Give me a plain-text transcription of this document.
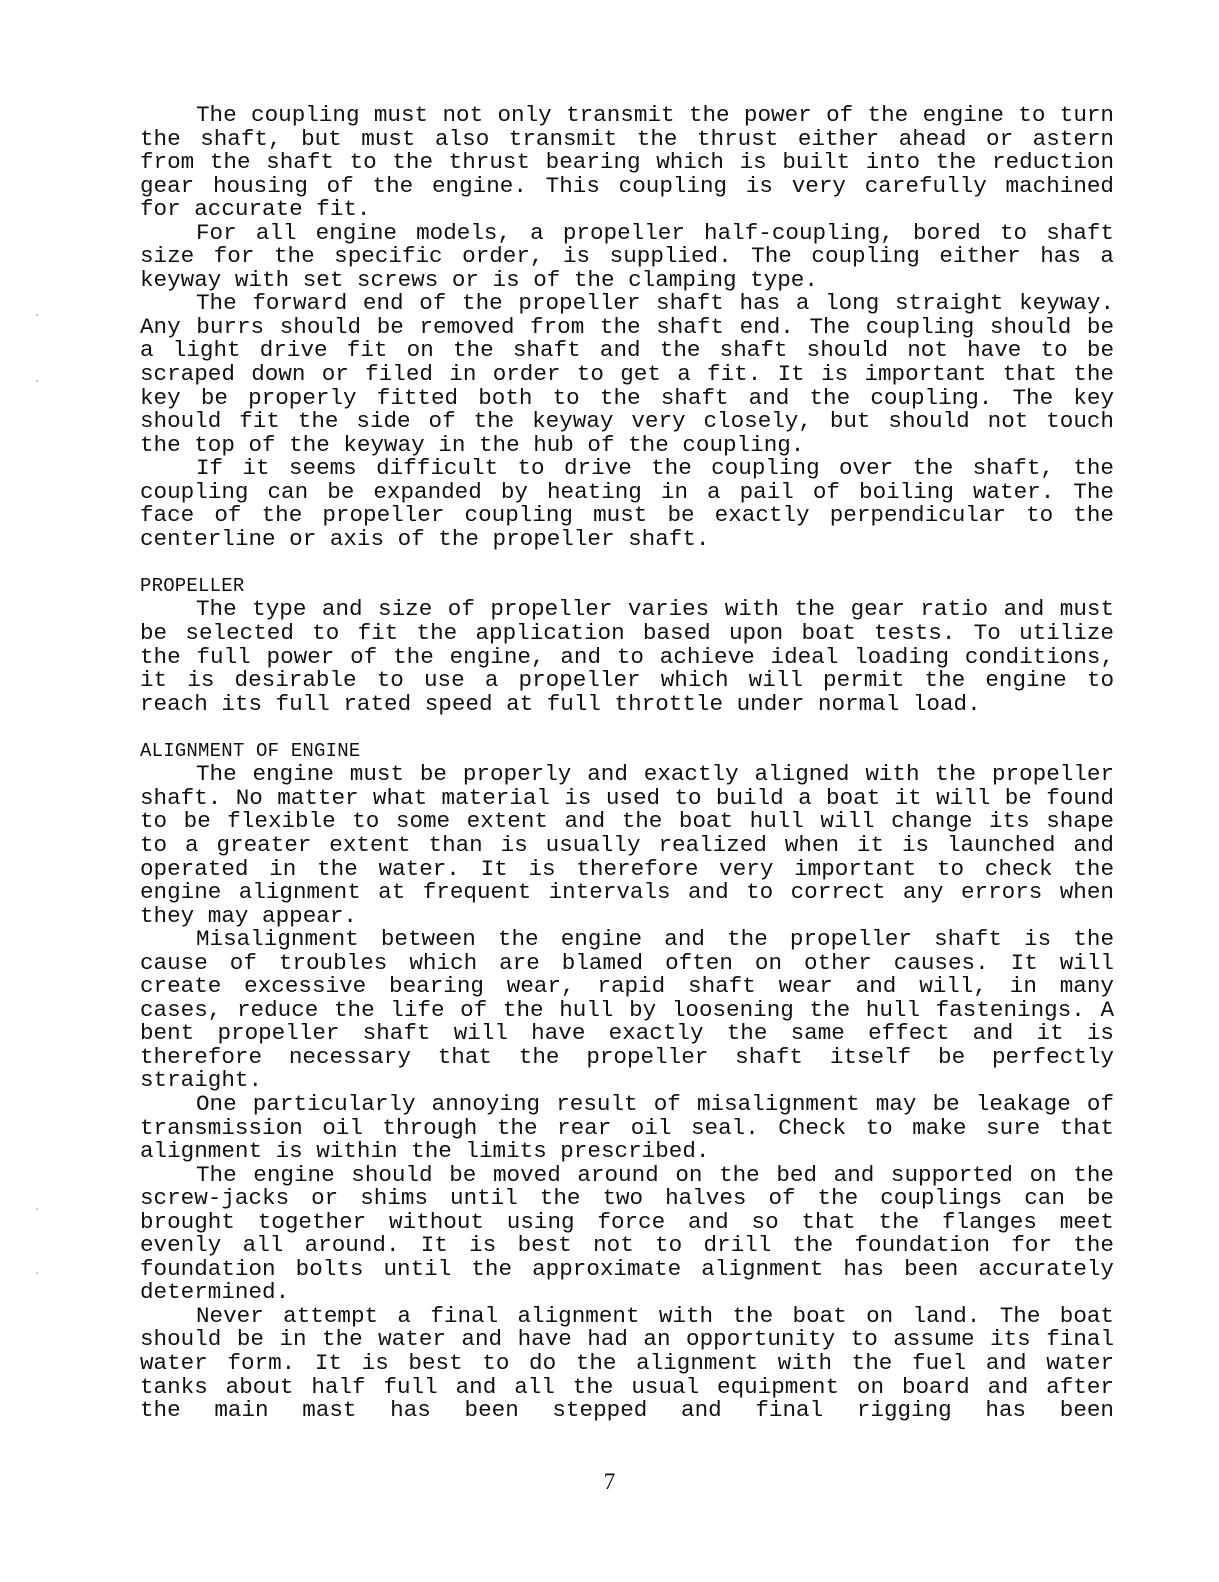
The coupling must not only transmit the power of the engine to turn the shaft, but must also transmit the thrust either ahead or astern from the shaft to the thrust bearing which is built into the reduction gear housing of the engine. This coupling is very carefully machined for accurate fit.

For all engine models, a propeller half-coupling, bored to shaft size for the specific order, is supplied. The coupling either has a keyway with set screws or is of the clamping type.

The forward end of the propeller shaft has a long straight keyway. Any burrs should be removed from the shaft end. The coupling should be a light drive fit on the shaft and the shaft should not have to be scraped down or filed in order to get a fit. It is important that the key be properly fitted both to the shaft and the coupling. The key should fit the side of the keyway very closely, but should not touch the top of the keyway in the hub of the coupling.

If it seems difficult to drive the coupling over the shaft, the coupling can be expanded by heating in a pail of boiling water. The face of the propeller coupling must be exactly perpendicular to the centerline or axis of the propeller shaft.

PROPELLER

The type and size of propeller varies with the gear ratio and must be selected to fit the application based upon boat tests. To utilize the full power of the engine, and to achieve ideal loading conditions, it is desirable to use a propeller which will permit the engine to reach its full rated speed at full throttle under normal load.

ALIGNMENT OF ENGINE

The engine must be properly and exactly aligned with the propeller shaft. No matter what material is used to build a boat it will be found to be flexible to some extent and the boat hull will change its shape to a greater extent than is usually realized when it is launched and operated in the water. It is therefore very important to check the engine alignment at frequent intervals and to correct any errors when they may appear.

Misalignment between the engine and the propeller shaft is the cause of troubles which are blamed often on other causes. It will create excessive bearing wear, rapid shaft wear and will, in many cases, reduce the life of the hull by loosening the hull fastenings. A bent propeller shaft will have exactly the same effect and it is therefore necessary that the propeller shaft itself be perfectly straight.

One particularly annoying result of misalignment may be leakage of transmission oil through the rear oil seal. Check to make sure that alignment is within the limits prescribed.

The engine should be moved around on the bed and supported on the screw-jacks or shims until the two halves of the couplings can be brought together without using force and so that the flanges meet evenly all around. It is best not to drill the foundation for the foundation bolts until the approximate alignment has been accurately determined.

Never attempt a final alignment with the boat on land. The boat should be in the water and have had an opportunity to assume its final water form. It is best to do the alignment with the fuel and water tanks about half full and all the usual equipment on board and after the main mast has been stepped and final rigging has been

7
